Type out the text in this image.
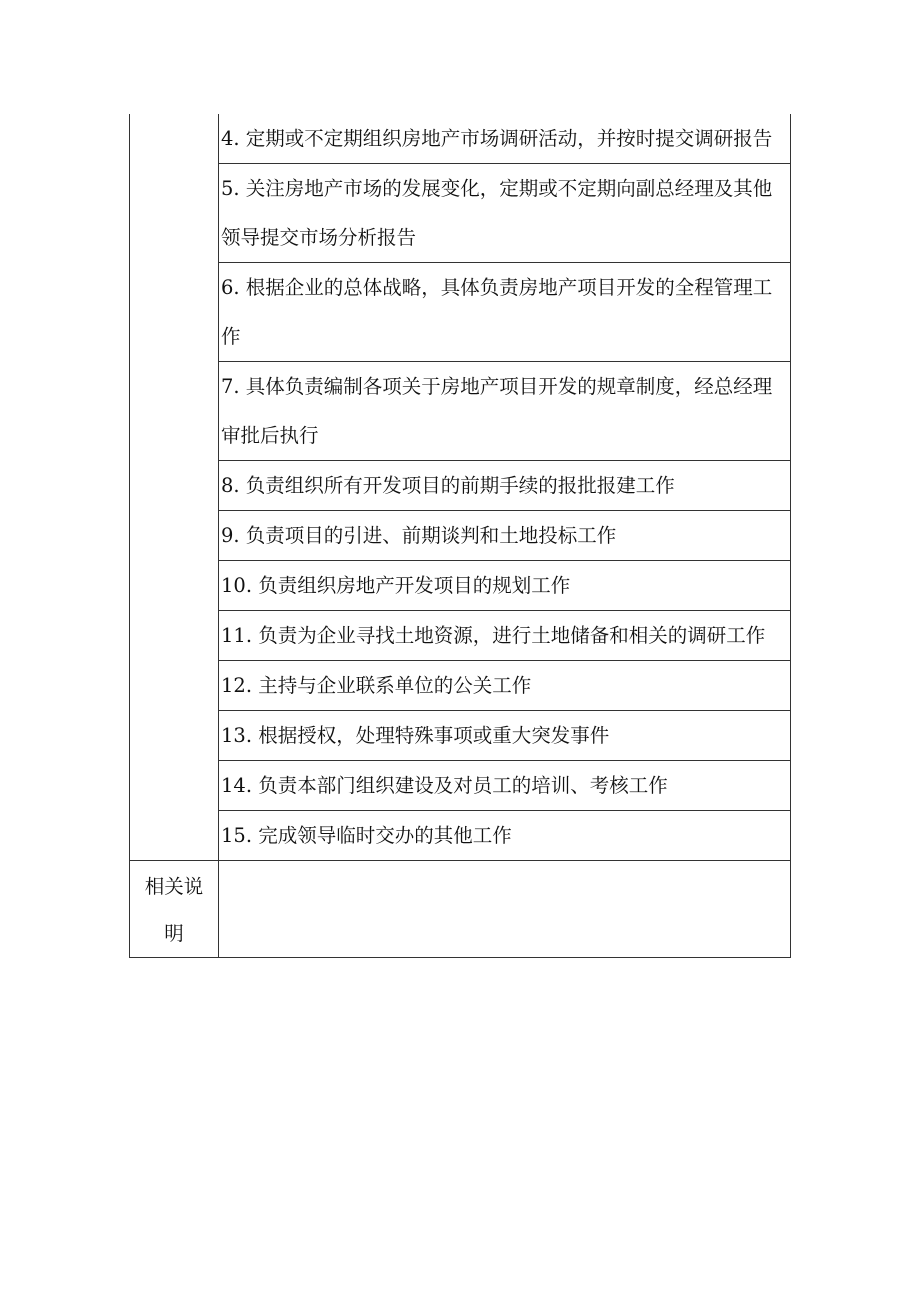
	4. 定期或不定期组织房地产市场调研活动，并按时提交调研报告

	5. 关注房地产市场的发展变化，定期或不定期向副总经理及其他领导提交市场分析报告

	6. 根据企业的总体战略，具体负责房地产项目开发的全程管理工作

	7. 具体负责编制各项关于房地产项目开发的规章制度，经总经理审批后执行

	8. 负责组织所有开发项目的前期手续的报批报建工作

	9. 负责项目的引进、前期谈判和土地投标工作

	10. 负责组织房地产开发项目的规划工作

	11. 负责为企业寻找土地资源，进行土地储备和相关的调研工作

	12. 主持与企业联系单位的公关工作

	13. 根据授权，处理特殊事项或重大突发事件

	14. 负责本部门组织建设及对员工的培训、考核工作

	15. 完成领导临时交办的其他工作

相关说明	
